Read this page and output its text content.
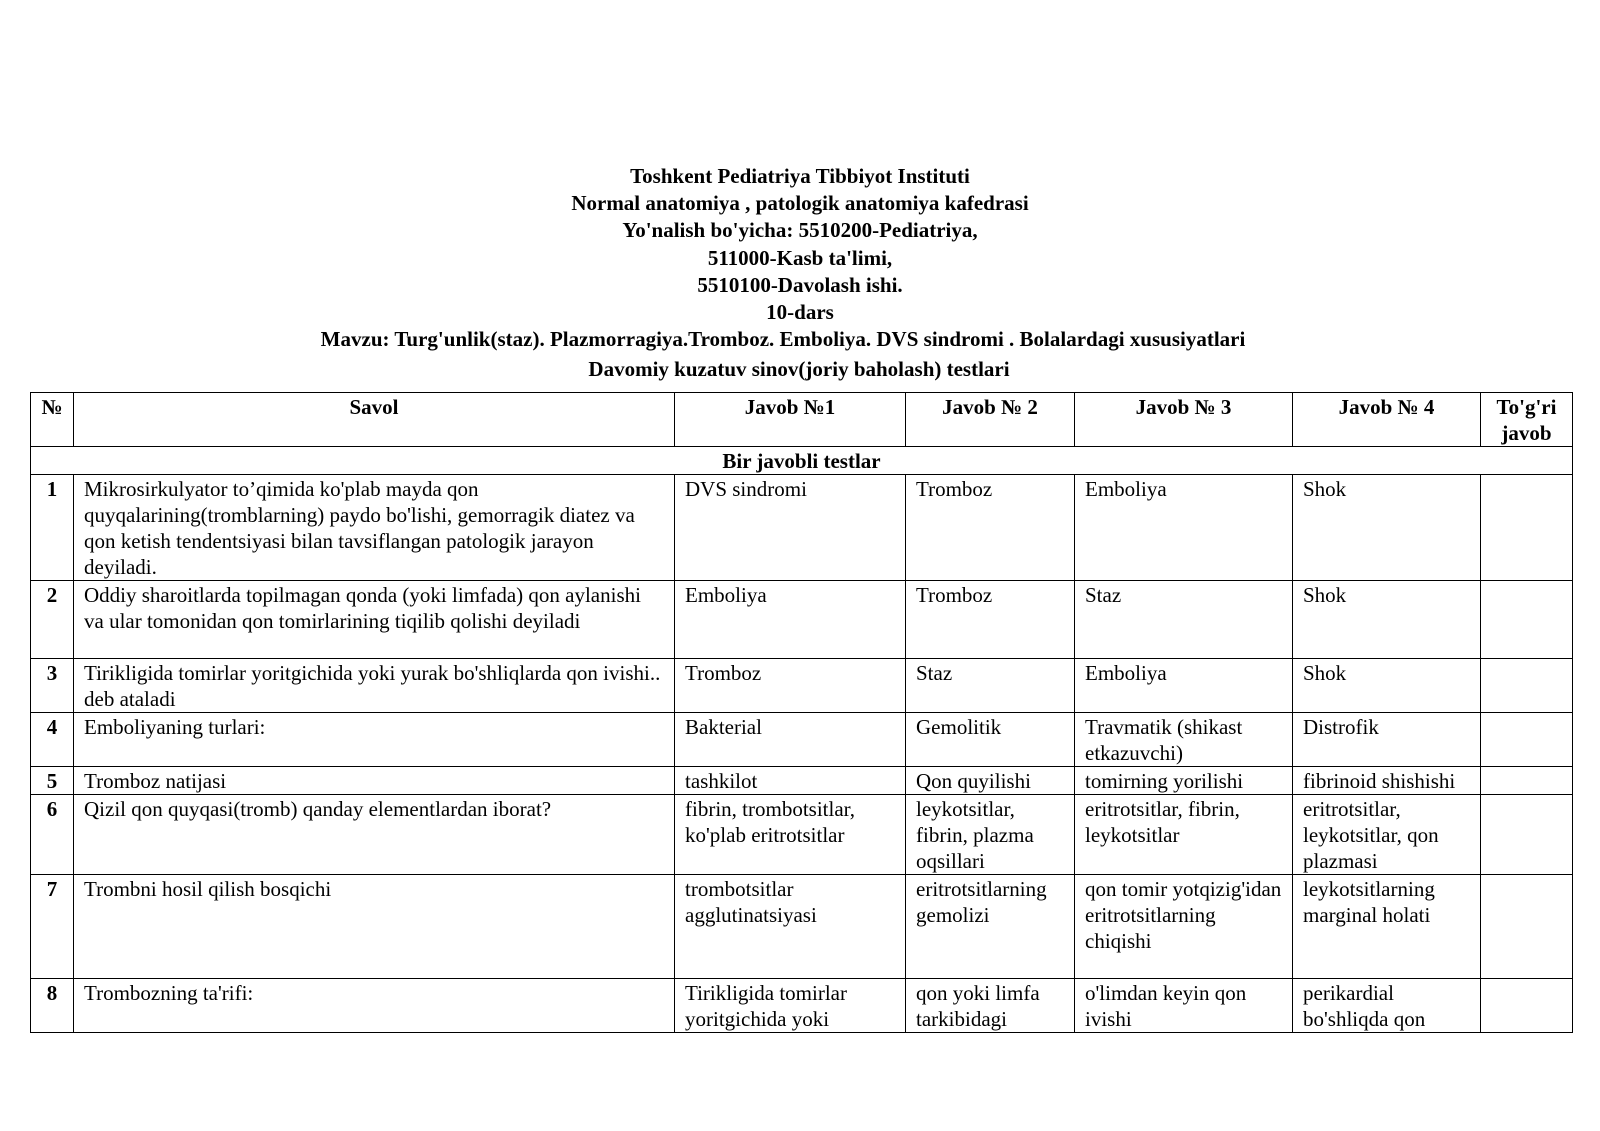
Toshkent Pediatriya Tibbiyot Instituti
Normal anatomiya , patologik anatomiya kafedrasi
Yo'nalish bo'yicha: 5510200-Pediatriya,
511000-Kasb ta'limi,
5510100-Davolash ishi.
10-dars
Mavzu: Turg'unlik(staz). Plazmorragiya.Tromboz. Emboliya. DVS sindromi . Bolalardagi xususiyatlari
Davomiy kuzatuv sinov(joriy baholash) testlari
№	Savol	Javob №1	Javob № 2	Javob № 3	Javob № 4	To'g'ri javob
Bir javobli testlar						
1	Mikrosirkulyator to’qimida ko'plab mayda qon quyqalarining(tromblarning) paydo bo'lishi, gemorragik diatez va qon ketish tendentsiyasi bilan tavsiflangan patologik jarayon deyiladi.	DVS sindromi	Tromboz	Emboliya	Shok	
2	Oddiy sharoitlarda topilmagan qonda (yoki limfada) qon aylanishi va ular tomonidan qon tomirlarining tiqilib qolishi deyiladi	Emboliya	Tromboz	Staz	Shok	
3	Tirikligida tomirlar yoritgichida yoki yurak bo'shliqlarda qon ivishi.. deb ataladi	Tromboz	Staz	Emboliya	Shok	
4	Emboliyaning turlari:	Bakterial	Gemolitik	Travmatik (shikast etkazuvchi)	Distrofik	
5	Tromboz natijasi	tashkilot	Qon quyilishi	tomirning yorilishi	fibrinoid shishishi	
6	Qizil qon quyqasi(tromb) qanday elementlardan iborat?	fibrin, trombotsitlar, ko'plab eritrotsitlar	leykotsitlar, fibrin, plazma oqsillari	eritrotsitlar, fibrin, leykotsitlar	eritrotsitlar, leykotsitlar, qon plazmasi	
7	Trombni hosil qilish bosqichi	trombotsitlar agglutinatsiyasi	eritrotsitlarning gemolizi	qon tomir yotqizig'idan eritrotsitlarning chiqishi	leykotsitlarning marginal holati	
8	Trombozning ta'rifi:	Tirikligida tomirlar yoritgichida yoki	qon yoki limfa tarkibidagi	o'limdan keyin qon ivishi	perikardial bo'shliqda qon	
